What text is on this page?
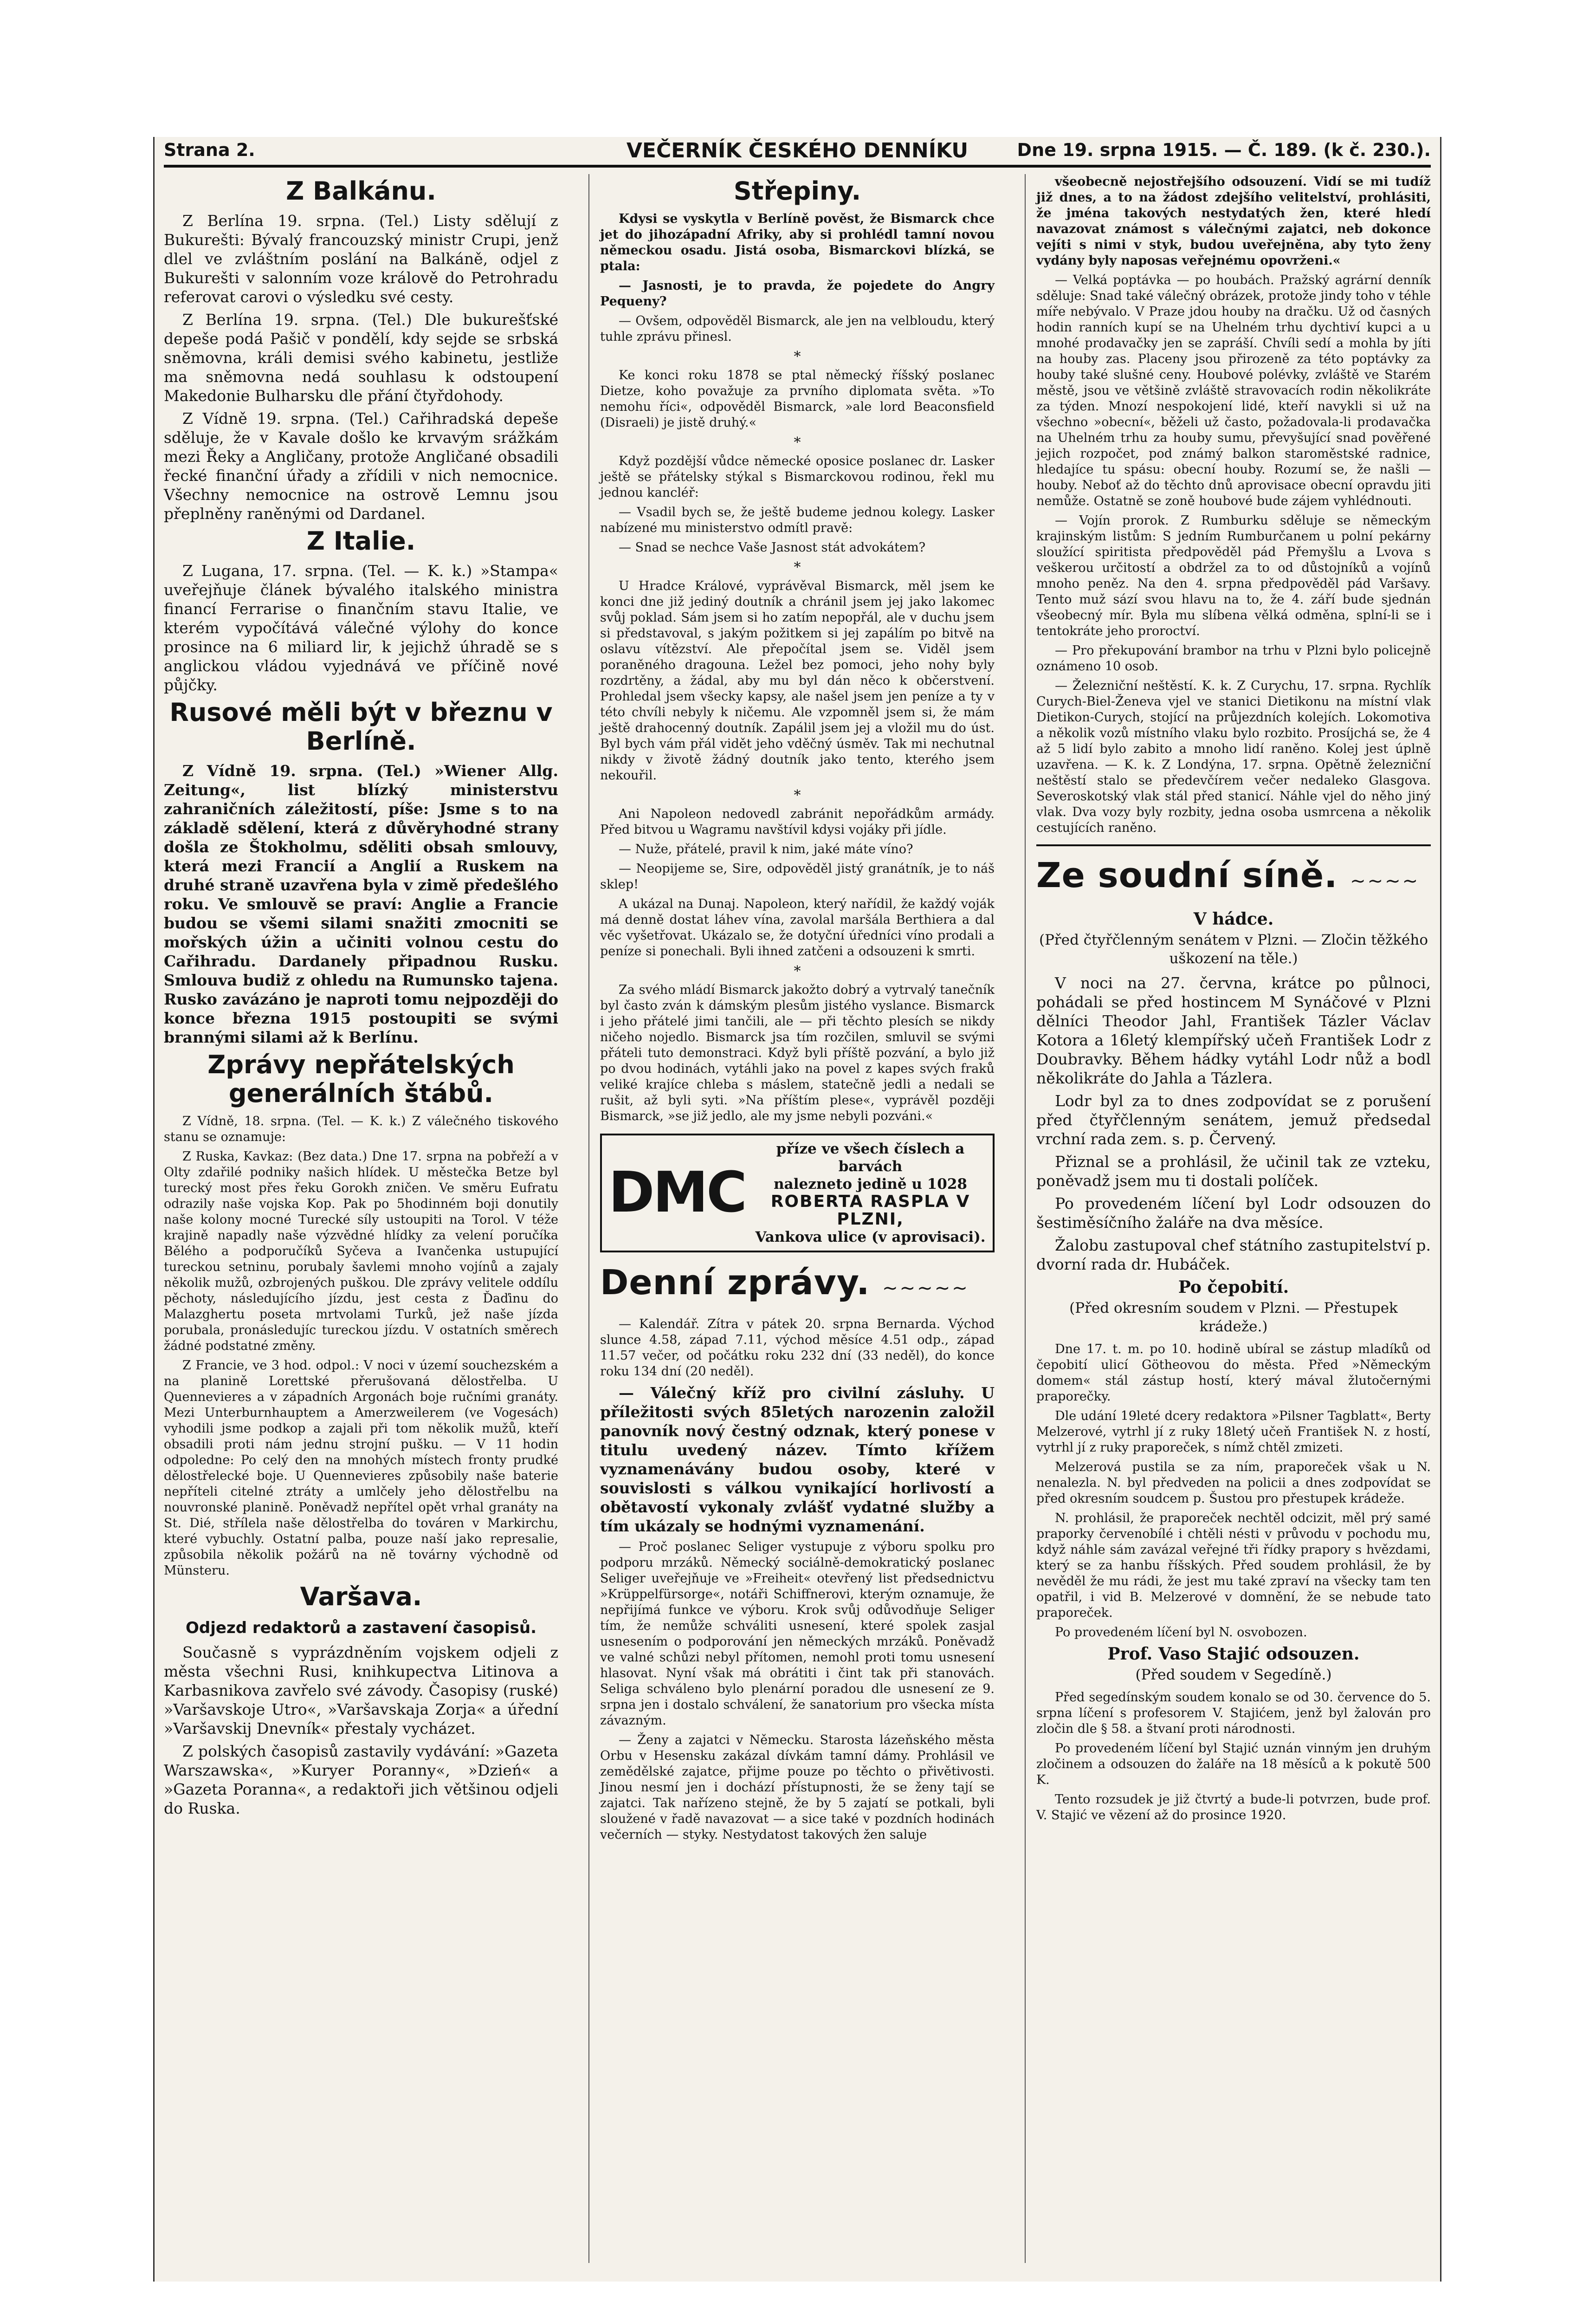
Strana 2.	VEČERNÍK ČESKÉHO DENNÍKU	Dne 19. srpna 1915. — Č. 189. (k č. 230.).
Z Balkánu.

Z Berlína 19. srpna. (Tel.) Listy sdělují z Bukurešti: Bývalý francouzský ministr Crupi, jenž dlel ve zvláštním poslání na Balkáně, odjel z Bukurešti v salonním voze králově do Petrohradu referovat carovi o výsledku své cesty.

Z Berlína 19. srpna. (Tel.) Dle bukurešťské depeše podá Pašič v pondělí, kdy sejde se srbská sněmovna, králi demisi svého kabinetu, jestliže ma sněmovna nedá souhlasu k odstoupení Makedonie Bulharsku dle přání čtyřdohody.

Z Vídně 19. srpna. (Tel.) Cařihradská depeše sděluje, že v Kavale došlo ke krvavým srážkám mezi Řeky a Angličany, protože Angličané obsadili řecké finanční úřady a zřídili v nich nemocnice. Všechny nemocnice na ostrově Lemnu jsou přeplněny raněnými od Dardanel.

Z Italie.

Z Lugana, 17. srpna. (Tel. — K. k.) »Stampa« uveřejňuje článek bývalého italského ministra financí Ferrarise o finančním stavu Italie, ve kterém vypočítává válečné výlohy do konce prosince na 6 miliard lir, k jejichž úhradě se s anglickou vládou vyjednává ve příčině nové půjčky.

Rusové měli být v březnu v Berlíně.

Z Vídně 19. srpna. (Tel.) »Wiener Allg. Zeitung«, list blízký ministerstvu zahraničních záležitostí, píše: Jsme s to na základě sdělení, která z důvěryhodné strany došla ze Štokholmu, sděliti obsah smlouvy, která mezi Francií a Anglií a Ruskem na druhé straně uzavřena byla v zimě předešlého roku. Ve smlouvě se praví: Anglie a Francie budou se všemi silami snažiti zmocniti se mořských úžin a učiniti volnou cestu do Cařihradu. Dardanely připadnou Rusku. Smlouva budiž z ohledu na Rumunsko tajena. Rusko zavázáno je naproti tomu nejpozději do konce března 1915 postoupiti se svými brannými silami až k Berlínu.

Zprávy nepřátelských generálních štábů.

Z Vídně, 18. srpna. (Tel. — K. k.) Z válečného tiskového stanu se oznamuje:

Z Ruska, Kavkaz: (Bez data.) Dne 17. srpna na pobřeží a v Olty zdařilé podniky našich hlídek. U městečka Betze byl turecký most přes řeku Gorokh zničen. Ve směru Eufratu odrazily naše vojska Kop. Pak po 5hodinném boji donutily naše kolony mocné Turecké síly ustoupiti na Torol. V téže krajině napadly naše výzvědné hlídky za velení poručíka Bělého a podporučíků Syčeva a Ivančenka ustupující tureckou setninu, porubaly šavlemi mnoho vojínů a zajaly několik mužů, ozbrojených puškou. Dle zprávy velitele oddílu pěchoty, následujícího jízdu, jest cesta z Ďaďinu do Malazghertu poseta mrtvolami Turků, jež naše jízda porubala, pronásledujíc tureckou jízdu. V ostatních směrech žádné podstatné změny.

Z Francie, ve 3 hod. odpol.: V noci v území souchezském a na planině Lorettské přerušovaná dělostřelba. U Quennevieres a v západních Argonách boje ručními granáty. Mezi Unterburnhauptem a Amerzweilerem (ve Vogesách) vyhodili jsme podkop a zajali při tom několik mužů, kteří obsadili proti nám jednu strojní pušku. — V 11 hodin odpoledne: Po celý den na mnohých místech fronty prudké dělostřelecké boje. U Quennevieres způsobily naše baterie nepříteli citelné ztráty a umlčely jeho dělostřelbu na nouvronské planině. Poněvadž nepřítel opět vrhal granáty na St. Dié, střílela naše dělostřelba do továren v Markirchu, které vybuchly. Ostatní palba, pouze naší jako represalie, způsobila několik požárů na ně továrny východně od Münsteru.

Varšava.
Odjezd redaktorů a zastavení časopisů.

Současně s vyprázdněním vojskem odjeli z města všechni Rusi, knihkupectva Litinova a Karbasnikova zavřelo své závody. Časopisy (ruské) »Varšavskoje Utro«, »Varšavskaja Zorja« a úřední »Varšavskij Dnevník« přestaly vycházet.

Z polských časopisů zastavily vydávání: »Gazeta Warszawska«, »Kuryer Poranny«, »Dzień« a »Gazeta Poranna«, a redaktoři jich většinou odjeli do Ruska.

Střepiny.

Kdysi se vyskytla v Berlíně pověst, že Bismarck chce jet do jihozápadní Afriky, aby si prohlédl tamní novou německou osadu. Jistá osoba, Bismarckovi blízká, se ptala:

— Jasnosti, je to pravda, že pojedete do Angry Pequeny?

— Ovšem, odpověděl Bismarck, ale jen na velbloudu, který tuhle zprávu přinesl.

*

Ke konci roku 1878 se ptal německý říšský poslanec Dietze, koho považuje za prvního diplomata světa. »To nemohu říci«, odpověděl Bismarck, »ale lord Beaconsfield (Disraeli) je jistě druhý.«

*

Když pozdější vůdce německé oposice poslanec dr. Lasker ještě se přátelsky stýkal s Bismarckovou rodinou, řekl mu jednou kancléř:

— Vsadil bych se, že ještě budeme jednou kolegy. Lasker nabízené mu ministerstvo odmítl pravě:

— Snad se nechce Vaše Jasnost stát advokátem?

*

U Hradce Králové, vyprávěval Bismarck, měl jsem ke konci dne již jediný doutník a chránil jsem jej jako lakomec svůj poklad. Sám jsem si ho zatím nepopřál, ale v duchu jsem si představoval, s jakým požitkem si jej zapálím po bitvě na oslavu vítězství. Ale přepočítal jsem se. Viděl jsem poraněného dragouna. Ležel bez pomoci, jeho nohy byly rozdrtěny, a žádal, aby mu byl dán něco k občerstvení. Prohledal jsem všecky kapsy, ale našel jsem jen peníze a ty v této chvíli nebyly k ničemu. Ale vzpomněl jsem si, že mám ještě drahocenný doutník. Zapálil jsem jej a vložil mu do úst. Byl bych vám přál vidět jeho vděčný úsměv. Tak mi nechutnal nikdy v životě žádný doutník jako tento, kterého jsem nekouřil.

*

Ani Napoleon nedovedl zabránit nepořádkům armády. Před bitvou u Wagramu navštívil kdysi vojáky při jídle.

— Nuže, přátelé, pravil k nim, jaké máte víno?

— Neopijeme se, Sire, odpověděl jistý granátník, je to náš sklep!

A ukázal na Dunaj. Napoleon, který nařídil, že každý voják má denně dostat láhev vína, zavolal maršála Berthiera a dal věc vyšetřovat. Ukázalo se, že dotyční úředníci víno prodali a peníze si ponechali. Byli ihned zatčeni a odsouzeni k smrti.

*

Za svého mládí Bismarck jakožto dobrý a vytrvalý tanečník byl často zván k dámským plesům jistého vyslance. Bismarck i jeho přátelé jimi tančili, ale — při těchto plesích se nikdy ničeho nojedlo. Bismarck jsa tím rozčilen, smluvil se svými přáteli tuto demonstraci. Když byli příště pozvání, a bylo již po dvou hodinách, vytáhli jako na povel z kapes svých fraků veliké krajíce chleba s máslem, statečně jedli a nedali se rušit, až byli syti. »Na příštím plese«, vyprávěl později Bismarck, »se již jedlo, ale my jsme nebyli pozváni.«

DMC
příze ve všech číslech a barvách
nalezneto jedině u 1028
ROBERTA RASPLA V PLZNI,
Vankova ulice (v aprovisaci).
Denní zprávy. ~~~~~

— Kalendář. Zítra v pátek 20. srpna Bernarda. Východ slunce 4.58, západ 7.11, východ měsíce 4.51 odp., západ 11.57 večer, od počátku roku 232 dní (33 neděl), do konce roku 134 dní (20 neděl).

— Válečný kříž pro civilní zásluhy. U příležitosti svých 85letých narozenin založil panovník nový čestný odznak, který ponese v titulu uvedený název. Tímto křížem vyznamenávány budou osoby, které v souvislosti s válkou vynikající horlivostí a obětavostí vykonaly zvlášť vydatné služby a tím ukázaly se hodnými vyznamenání.

— Proč poslanec Seliger vystupuje z výboru spolku pro podporu mrzáků. Německý sociálně-demokratický poslanec Seliger uveřejňuje ve »Freiheit« otevřený list předsednictvu »Krüppelfürsorge«, notáři Schiffnerovi, kterým oznamuje, že nepřijímá funkce ve výboru. Krok svůj odůvodňuje Seliger tím, že nemůže schváliti usnesení, které spolek zasjal usnesením o podporování jen německých mrzáků. Poněvadž ve valné schůzi nebyl přítomen, nemohl proti tomu usnesení hlasovat. Nyní však má obrátiti i čint tak při stanovách. Seliga schváleno bylo plenární poradou dle usnesení ze 9. srpna jen i dostalo schválení, že sanatorium pro všecka místa závazným.

— Ženy a zajatci v Německu. Starosta lázeňského města Orbu v Hesensku zakázal dívkám tamní dámy. Prohlásil ve zemědělské zajatce, přijme pouze po těchto o přivětivosti. Jinou nesmí jen i dochází přístupnosti, že se ženy tají se zajatci. Tak nařízeno stejně, že by 5 zajatí se potkali, byli sloužené v řadě navazovat — a sice také v pozdních hodinách večerních — styky. Nestydatost takových žen saluje

všeobecně nejostřejšího odsouzení. Vidí se mi tudíž již dnes, a to na žádost zdejšího velitelství, prohlásiti, že jména takových nestydatých žen, které hledí navazovat známost s válečnými zajatci, neb dokonce vejíti s nimi v styk, budou uveřejněna, aby tyto ženy vydány byly naposas veřejnému opovrženi.«

— Velká poptávka — po houbách. Pražský agrární denník sděluje: Snad také válečný obrázek, protože jindy toho v téhle míře nebývalo. V Praze jdou houby na dračku. Už od časných hodin ranních kupí se na Uhelném trhu dychtiví kupci a u mnohé prodavačky jen se zapráší. Chvíli sedí a mohla by jíti na houby zas. Placeny jsou přirozeně za této poptávky za houby také slušné ceny. Houbové polévky, zvláště ve Starém městě, jsou ve většině zvláště stravovacích rodin několikráte za týden. Mnozí nespokojení lidé, kteří navykli si už na všechno »obecní«, běželi už často, požadovala-li prodavačka na Uhelném trhu za houby sumu, převyšující snad pověřené jejich rozpočet, pod známý balkon staroměstské radnice, hledajíce tu spásu: obecní houby. Rozumí se, že našli — houby. Neboť až do těchto dnů aprovisace obecní opravdu jiti nemůže. Ostatně se zoně houbové bude zájem vyhlédnouti.

— Vojín prorok. Z Rumburku sděluje se německým krajinským listům: S jedním Rumburčanem u polní pekárny sloužící spiritista předpověděl pád Přemyšlu a Lvova s veškerou určitostí a obdržel za to od důstojníků a vojínů mnoho peněz. Na den 4. srpna předpověděl pád Varšavy. Tento muž sází svou hlavu na to, že 4. září bude sjednán všeobecný mír. Byla mu slíbena vělká odměna, splní-li se i tentokráte jeho proroctví.

— Pro překupování brambor na trhu v Plzni bylo policejně oznámeno 10 osob.

— Železniční neštěstí. K. k. Z Curychu, 17. srpna. Rychlík Curych-Biel-Ženeva vjel ve stanici Dietikonu na místní vlak Dietikon-Curych, stojící na průjezdních kolejích. Lokomotiva a několik vozů místního vlaku bylo rozbito. Prosíjchá se, že 4 až 5 lidí bylo zabito a mnoho lidí raněno. Kolej jest úplně uzavřena. — K. k. Z Londýna, 17. srpna. Opětně železniční neštěstí stalo se předevčírem večer nedaleko Glasgova. Severoskotský vlak stál před stanicí. Náhle vjel do něho jiný vlak. Dva vozy byly rozbity, jedna osoba usmrcena a několik cestujících raněno.

Ze soudní síně. ~~~~
V hádce.
(Před čtyřčlenným senátem v Plzni. — Zločin těžkého uškození na těle.)

V noci na 27. června, krátce po půlnoci, pohádali se před hostincem M Synáčové v Plzni dělníci Theodor Jahl, František Tázler Václav Kotora a 16letý klempířský učeň František Lodr z Doubravky. Během hádky vytáhl Lodr nůž a bodl několikráte do Jahla a Tázlera.

Lodr byl za to dnes zodpovídat se z porušení před čtyřčlenným senátem, jemuž předsedal vrchní rada zem. s. p. Červený.

Přiznal se a prohlásil, že učinil tak ze vzteku, poněvadž jsem mu ti dostali políček.

Po provedeném líčení byl Lodr odsouzen do šestiměsíčního žaláře na dva měsíce.

Žalobu zastupoval chef státního zastupitelství p. dvorní rada dr. Hubáček.

Po čepobití.
(Před okresním soudem v Plzni. — Přestupek krádeže.)

Dne 17. t. m. po 10. hodině ubíral se zástup mladíků od čepobití ulicí Götheovou do města. Před »Německým domem« stál zástup hostí, který mával žlutočernými praporečky.

Dle udání 19leté dcery redaktora »Pilsner Tagblatt«, Berty Melzerové, vytrhl jí z ruky 18letý učeň František N. z hostí, vytrhl jí z ruky praporeček, s nímž chtěl zmizeti.

Melzerová pustila se za ním, praporeček však u N. nenalezla. N. byl předveden na policii a dnes zodpovídat se před okresním soudcem p. Šustou pro přestupek krádeže.

N. prohlásil, že praporeček nechtěl odcizit, měl prý samé praporky červenobílé i chtěli nésti v průvodu v pochodu mu, když náhle sám zavázal veřejné tři řídky prapory s hvězdami, který se za hanbu říšských. Před soudem prohlásil, že by nevěděl že mu rádi, že jest mu také zpraví na všecky tam ten opatřil, i vid B. Melzerové v domnění, že se nebude tato praporeček.

Po provedeném líčení byl N. osvobozen.

Prof. Vaso Stajić odsouzen.
(Před soudem v Segedíně.)

Před segedínským soudem konalo se od 30. července do 5. srpna líčení s profesorem V. Stajićem, jenž byl žalován pro zločin dle § 58. a štvaní proti národnosti.

Po provedeném líčení byl Stajić uznán vinným jen druhým zločinem a odsouzen do žaláře na 18 měsíců a k pokutě 500 K.

Tento rozsudek je již čtvrtý a bude-li potvrzen, bude prof. V. Stajić ve vězení až do prosince 1920.
